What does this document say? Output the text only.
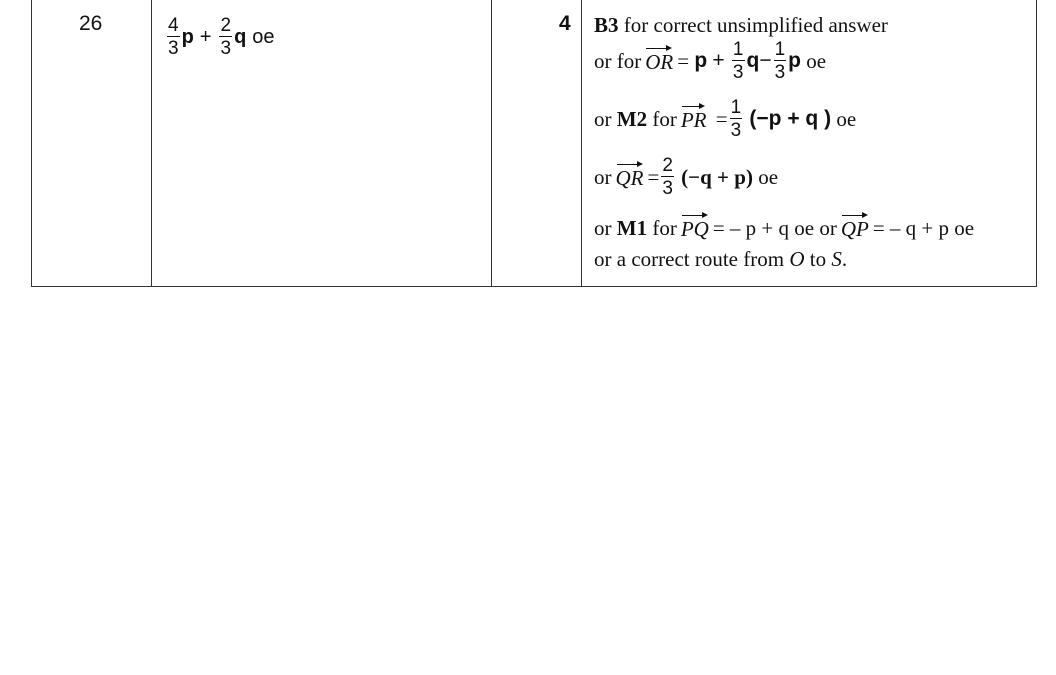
26	$\frac{4}{3}$ $p + \frac{2}{3}$ q oe
4 B3
for correct unsimplified answer
or for OR =
p
+
$\frac{1}{3}$ $q - \frac{1}{3}$ p
oe
or
M2
for PR
= $\frac{1}{3}$
(−p + q )
oe
or QR = $\frac{2}{3}$
(−q + p)
oe
or
M1
for PQ = – p + q oe or QP = – q + p oe
or a correct route from
O
to
S .
